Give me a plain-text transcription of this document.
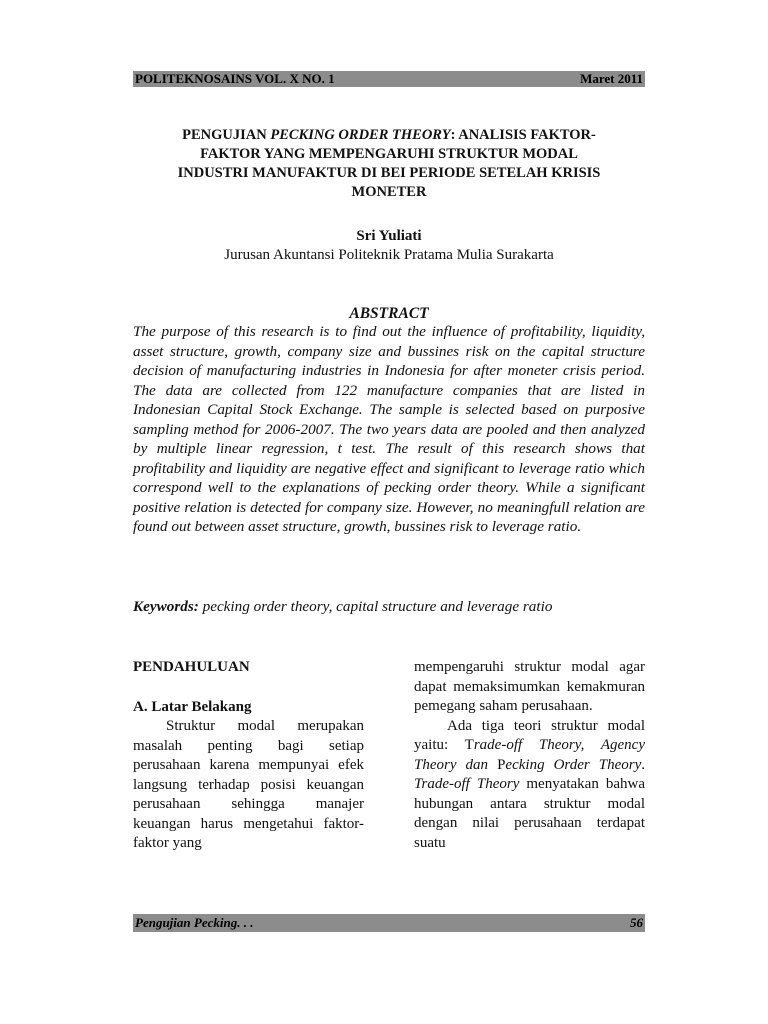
POLITEKNOSAINS VOL. X NO. 1	Maret 2011
PENGUJIAN PECKING ORDER THEORY: ANALISIS FAKTOR-
FAKTOR YANG MEMPENGARUHI STRUKTUR MODAL
INDUSTRI MANUFAKTUR DI BEI PERIODE SETELAH KRISIS
MONETER
Sri Yuliati
Jurusan Akuntansi Politeknik Pratama Mulia Surakarta
ABSTRACT

The purpose of this research is to find out the influence of profitability, liquidity, asset structure, growth, company size and bussines risk on the capital structure decision of manufacturing industries in Indonesia for after moneter crisis period. The data are collected from 122 manufacture companies that are listed in Indonesian Capital Stock Exchange. The sample is selected based on purposive sampling method for 2006-2007. The two years data are pooled and then analyzed by multiple linear regression, t test. The result of this research shows that profitability and liquidity are negative effect and significant to leverage ratio which correspond well to the explanations of pecking order theory. While a significant positive relation is detected for company size. However, no meaningfull relation are found out between asset structure, growth, bussines risk to leverage ratio.

Keywords: pecking order theory, capital structure and leverage ratio

PENDAHULUAN

A. Latar Belakang

Struktur modal merupakan masalah penting bagi setiap perusahaan karena mempunyai efek langsung terhadap posisi keuangan perusahaan sehingga manajer keuangan harus mengetahui faktor-faktor yang

mempengaruhi struktur modal agar dapat memaksimumkan kemakmuran pemegang saham perusahaan.

Ada tiga teori struktur modal yaitu: Trade-off Theory, Agency Theory dan Pecking Order Theory. Trade-off Theory menyatakan bahwa hubungan antara struktur modal dengan nilai perusahaan terdapat suatu

Pengujian Pecking. . .	56
